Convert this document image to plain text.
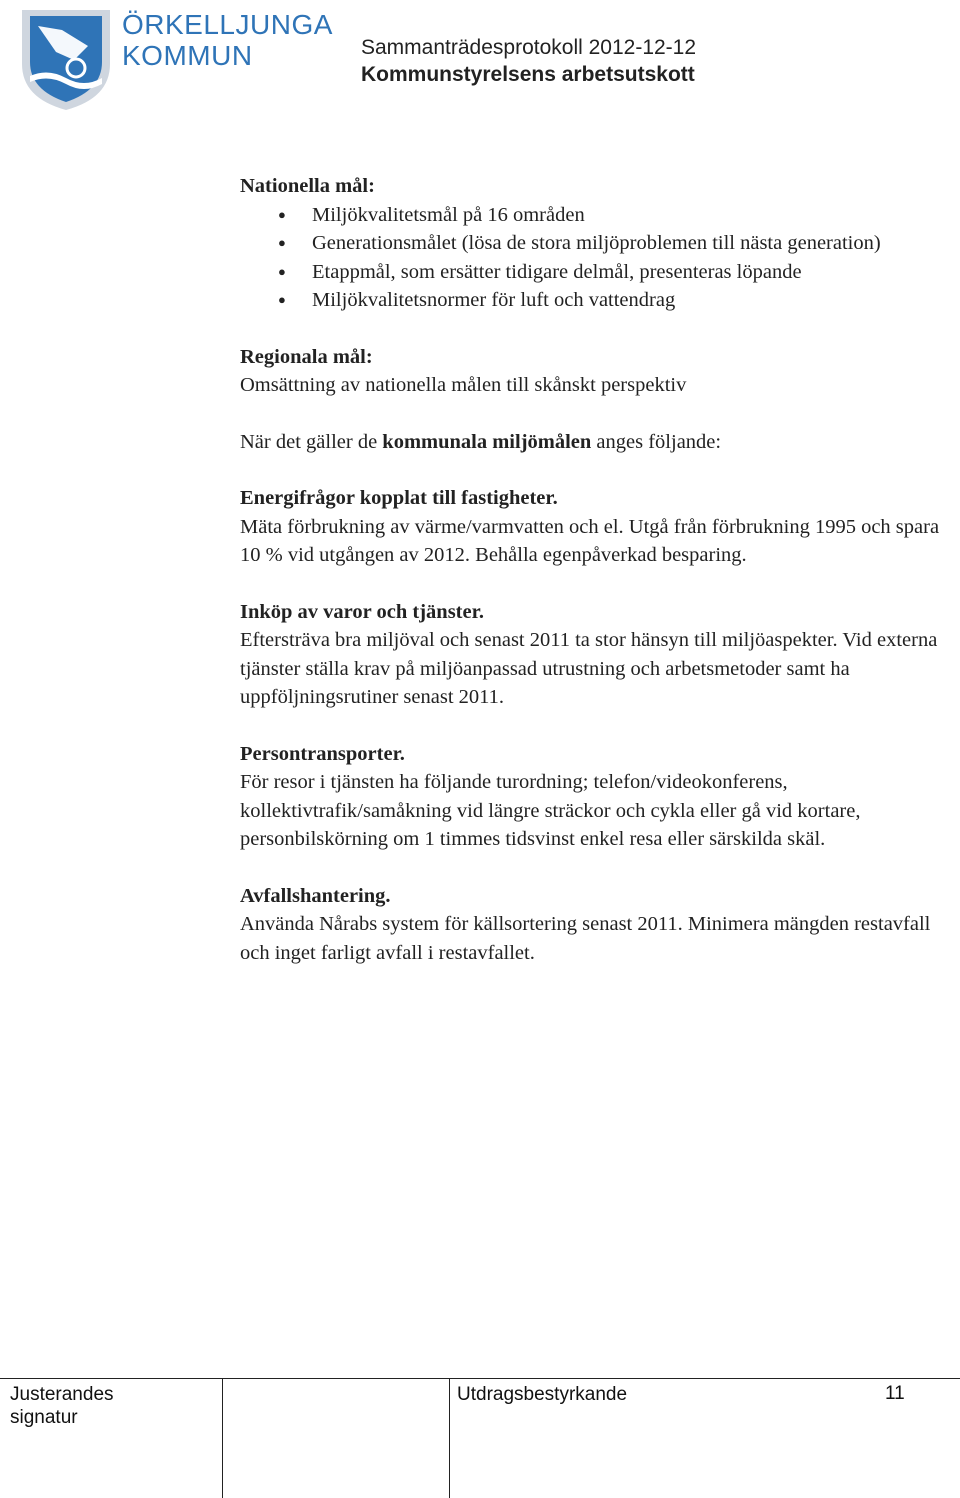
ÖRKELLJUNGA
KOMMUN	Sammanträdesprotokoll 2012-12-12
Kommunstyrelsens arbetsutskott

Nationella mål:

● Miljökvalitetsmål på 16 områden
● Generationsmålet (lösa de stora miljöproblemen till nästa generation)
● Etappmål, som ersätter tidigare delmål, presenteras löpande
● Miljökvalitetsnormer för luft och vattendrag

Regionala mål:

Omsättning av nationella målen till skånskt perspektiv

När det gäller de kommunala miljömålen anges följande:

Energifrågor kopplat till fastigheter.

Mäta förbrukning av värme/varmvatten och el. Utgå från förbrukning 1995 och spara 10 % vid utgången av 2012. Behålla egenpåverkad besparing.

Inköp av varor och tjänster.

Eftersträva bra miljöval och senast 2011 ta stor hänsyn till miljöaspekter. Vid externa tjänster ställa krav på miljöanpassad utrustning och arbetsmetoder samt ha uppföljningsrutiner senast 2011.

Persontransporter.

För resor i tjänsten ha följande turordning; telefon/videokonferens, kollektivtrafik/samåkning vid längre sträckor och cykla eller gå vid kortare, personbilskörning om 1 timmes tidsvinst enkel resa eller särskilda skäl.

Avfallshantering.

Använda Nårabs system för källsortering senast 2011. Minimera mängden restavfall och inget farligt avfall i restavfallet.

Justerandes
signatur
Utdragsbestyrkande	11
